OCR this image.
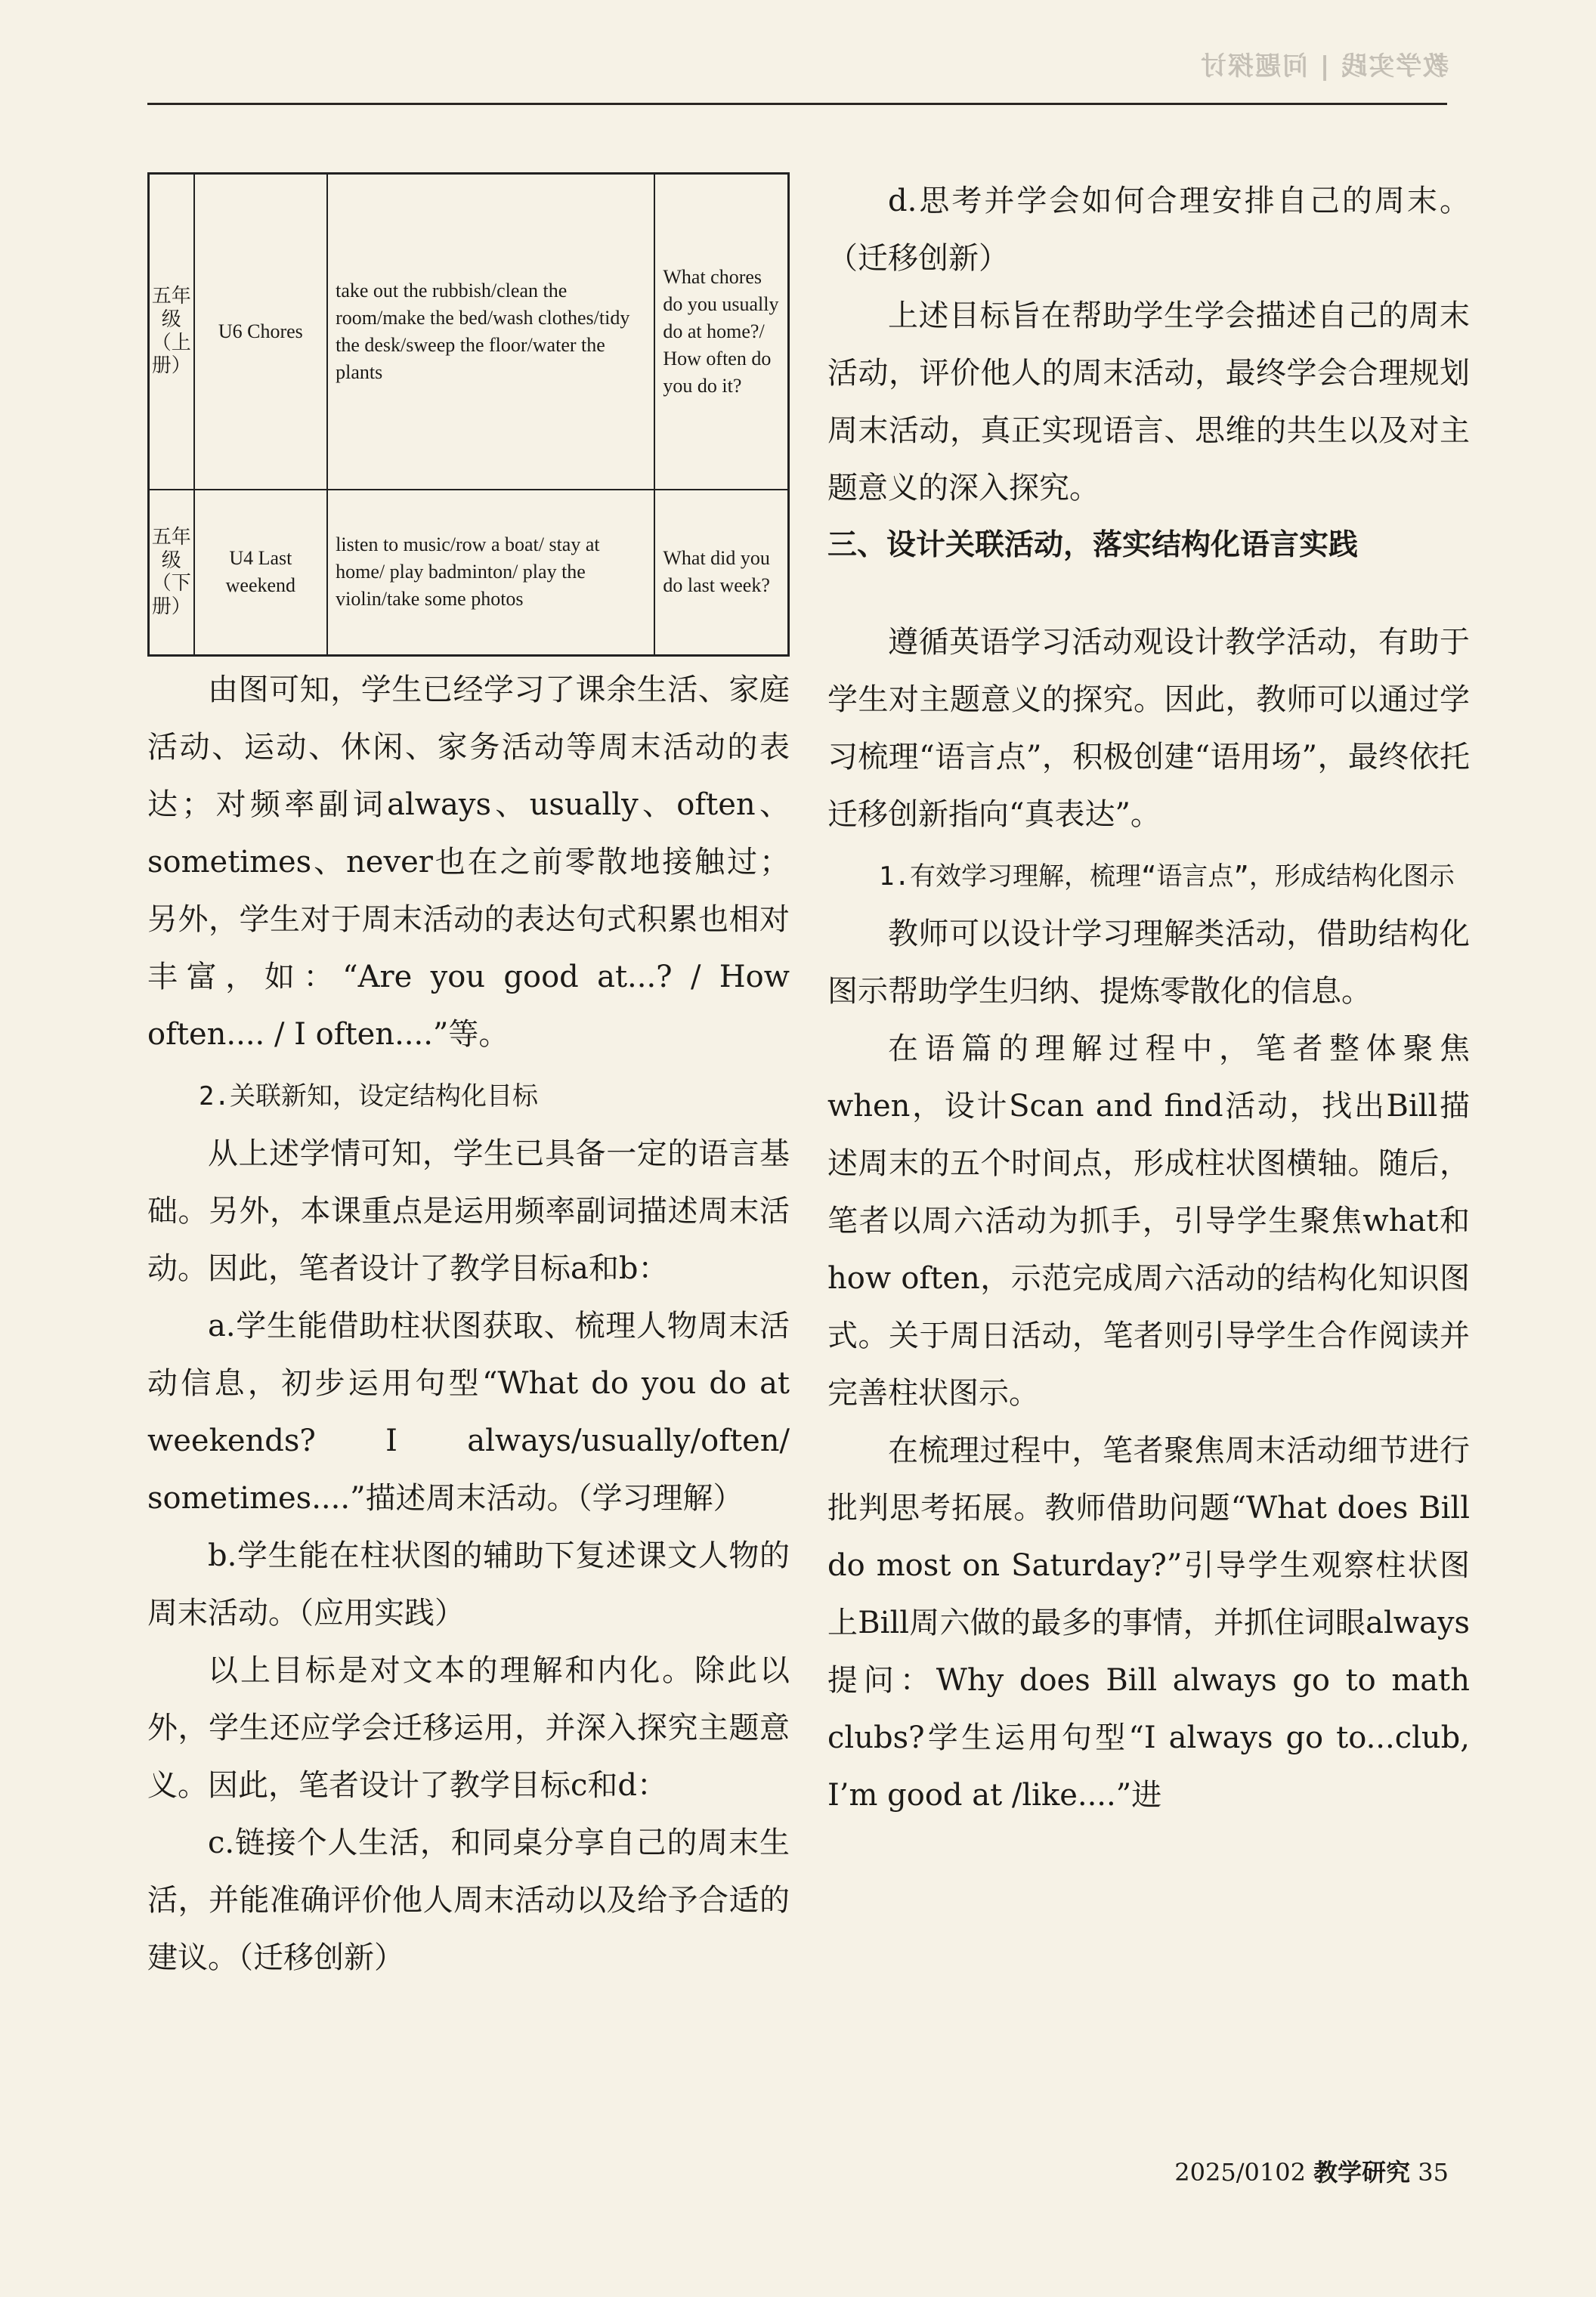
教学实践 | 问题探讨
五年级（上册）	U6 Chores	take out the rubbish/clean the room/make the bed/wash clothes/tidy the desk/sweep the floor/water the plants	What chores do you usually do at home?/ How often do you do it?
五年级（下册）	U4 Last weekend	listen to music/row a boat/ stay at home/ play badminton/ play the violin/take some photos	What did you do last week?

由图可知，学生已经学习了课余生活、家庭活动、运动、休闲、家务活动等周末活动的表达；对频率副词always、usually、often、sometimes、never也在之前零散地接触过；另外，学生对于周末活动的表达句式积累也相对丰富，如：“Are you good at...? / How often.... / I often....”等。

2.关联新知，设定结构化目标

从上述学情可知，学生已具备一定的语言基础。另外，本课重点是运用频率副词描述周末活动。因此，笔者设计了教学目标a和b：

a.学生能借助柱状图获取、梳理人物周末活动信息，初步运用句型“What do you do at weekends? I always/usually/often/ sometimes....”描述周末活动。（学习理解）

b.学生能在柱状图的辅助下复述课文人物的周末活动。（应用实践）

以上目标是对文本的理解和内化。除此以外，学生还应学会迁移运用，并深入探究主题意义。因此，笔者设计了教学目标c和d：

c.链接个人生活，和同桌分享自己的周末生活，并能准确评价他人周末活动以及给予合适的建议。（迁移创新）

d.思考并学会如何合理安排自己的周末。（迁移创新）

上述目标旨在帮助学生学会描述自己的周末活动，评价他人的周末活动，最终学会合理规划周末活动，真正实现语言、思维的共生以及对主题意义的深入探究。

三、设计关联活动，落实结构化语言实践

遵循英语学习活动观设计教学活动，有助于学生对主题意义的探究。因此，教师可以通过学习梳理“语言点”，积极创建“语用场”，最终依托迁移创新指向“真表达”。

1.有效学习理解，梳理“语言点”，形成结构化图示

教师可以设计学习理解类活动，借助结构化图示帮助学生归纳、提炼零散化的信息。

在语篇的理解过程中，笔者整体聚焦when，设计Scan and find活动，找出Bill描述周末的五个时间点，形成柱状图横轴。随后，笔者以周六活动为抓手，引导学生聚焦what和how often，示范完成周六活动的结构化知识图式。关于周日活动，笔者则引导学生合作阅读并完善柱状图示。

在梳理过程中，笔者聚焦周末活动细节进行批判思考拓展。教师借助问题“What does Bill do most on Saturday?”引导学生观察柱状图上Bill周六做的最多的事情，并抓住词眼always提问：Why does Bill always go to math clubs?学生运用句型“I always go to...club, I’m good at /like....”进

2025/0102 教学研究 35
